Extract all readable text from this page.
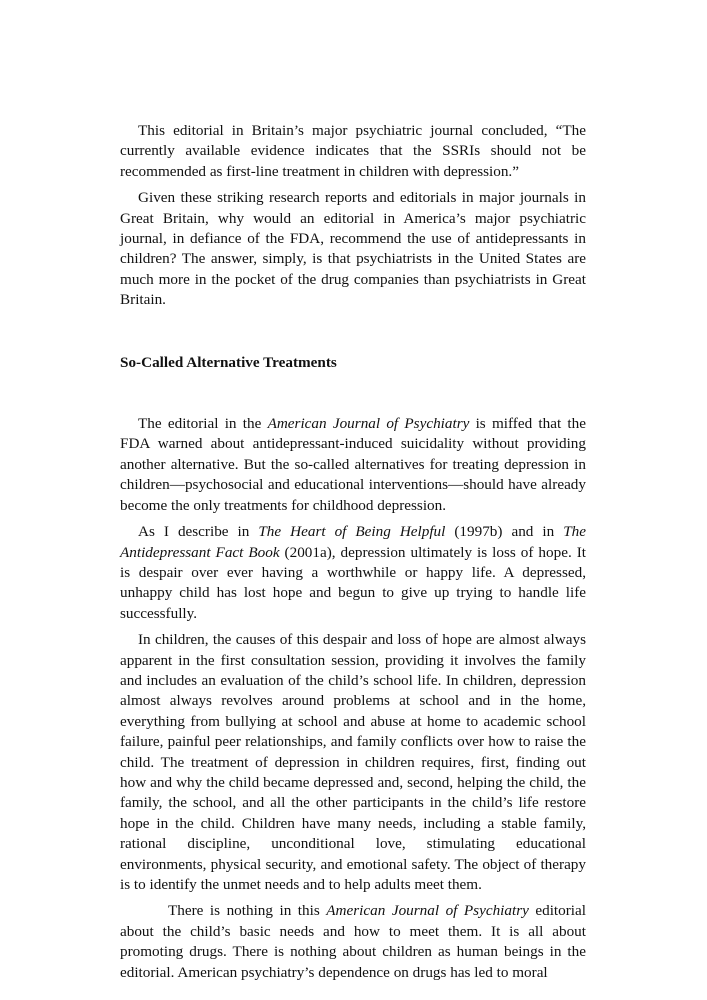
This editorial in Britain’s major psychiatric journal concluded, “The currently available evidence indicates that the SSRIs should not be recommended as first-line treatment in children with depression.”

Given these striking research reports and editorials in major journals in Great Britain, why would an editorial in America’s major psychiatric journal, in defiance of the FDA, recommend the use of antidepressants in children? The answer, simply, is that psychiatrists in the United States are much more in the pocket of the drug companies than psychiatrists in Great Britain.

So-Called Alternative Treatments

The editorial in the American Journal of Psychiatry is miffed that the FDA warned about antidepressant-induced suicidality without providing another alternative. But the so-called alternatives for treating depression in children—psychosocial and educational interventions—should have already become the only treatments for childhood depression.

As I describe in The Heart of Being Helpful (1997b) and in The Antidepressant Fact Book (2001a), depression ultimately is loss of hope. It is despair over ever having a worthwhile or happy life. A depressed, unhappy child has lost hope and begun to give up trying to handle life successfully.

In children, the causes of this despair and loss of hope are almost always apparent in the first consultation session, providing it involves the family and includes an evaluation of the child’s school life. In children, depression almost always revolves around problems at school and in the home, everything from bullying at school and abuse at home to academic school failure, painful peer relationships, and family conflicts over how to raise the child. The treatment of depression in children requires, first, finding out how and why the child became depressed and, second, helping the child, the family, the school, and all the other participants in the child’s life restore hope in the child. Children have many needs, including a stable family, rational discipline, unconditional love, stimulating educational environments, physical security, and emotional safety. The object of therapy is to identify the unmet needs and to help adults meet them.

There is nothing in this American Journal of Psychiatry editorial about the child’s basic needs and how to meet them. It is all about promoting drugs. There is nothing about children as human beings in the editorial. American psychiatry’s dependence on drugs has led to moral
